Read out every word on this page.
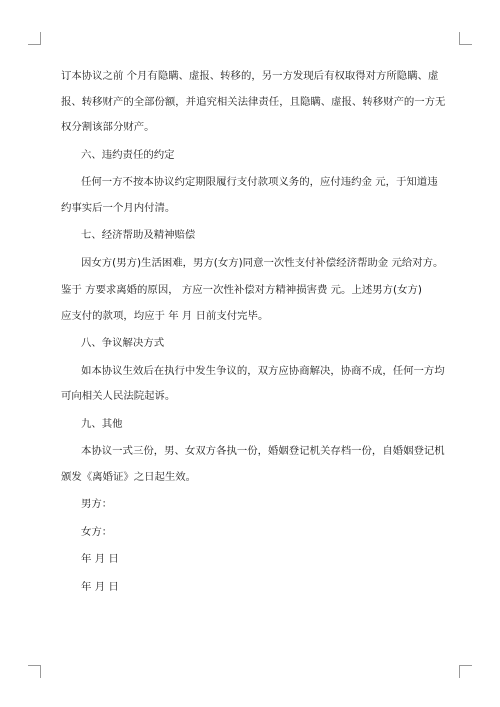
订本协议之前 个月有隐瞒、虚报、转移的，另一方发现后有权取得对方所隐瞒、虚
报、转移财产的全部份额，并追究相关法律责任，且隐瞒、虚报、转移财产的一方无
权分割该部分财产。
六、违约责任的约定
任何一方不按本协议约定期限履行支付款项义务的，应付违约金 元，于知道违
约事实后一个月内付清。
七、经济帮助及精神赔偿
因女方(男方)生活困难，男方(女方)同意一次性支付补偿经济帮助金 元给对方。
鉴于 方要求离婚的原因， 方应一次性补偿对方精神损害费 元。上述男方(女方)
应支付的款项，均应于 年 月 日前支付完毕。
八、争议解决方式
如本协议生效后在执行中发生争议的，双方应协商解决，协商不成，任何一方均
可向相关人民法院起诉。
九、其他
本协议一式三份，男、女双方各执一份，婚姻登记机关存档一份，自婚姻登记机
颁发《离婚证》之日起生效。
男方：
女方：
年 月 日
年 月 日
